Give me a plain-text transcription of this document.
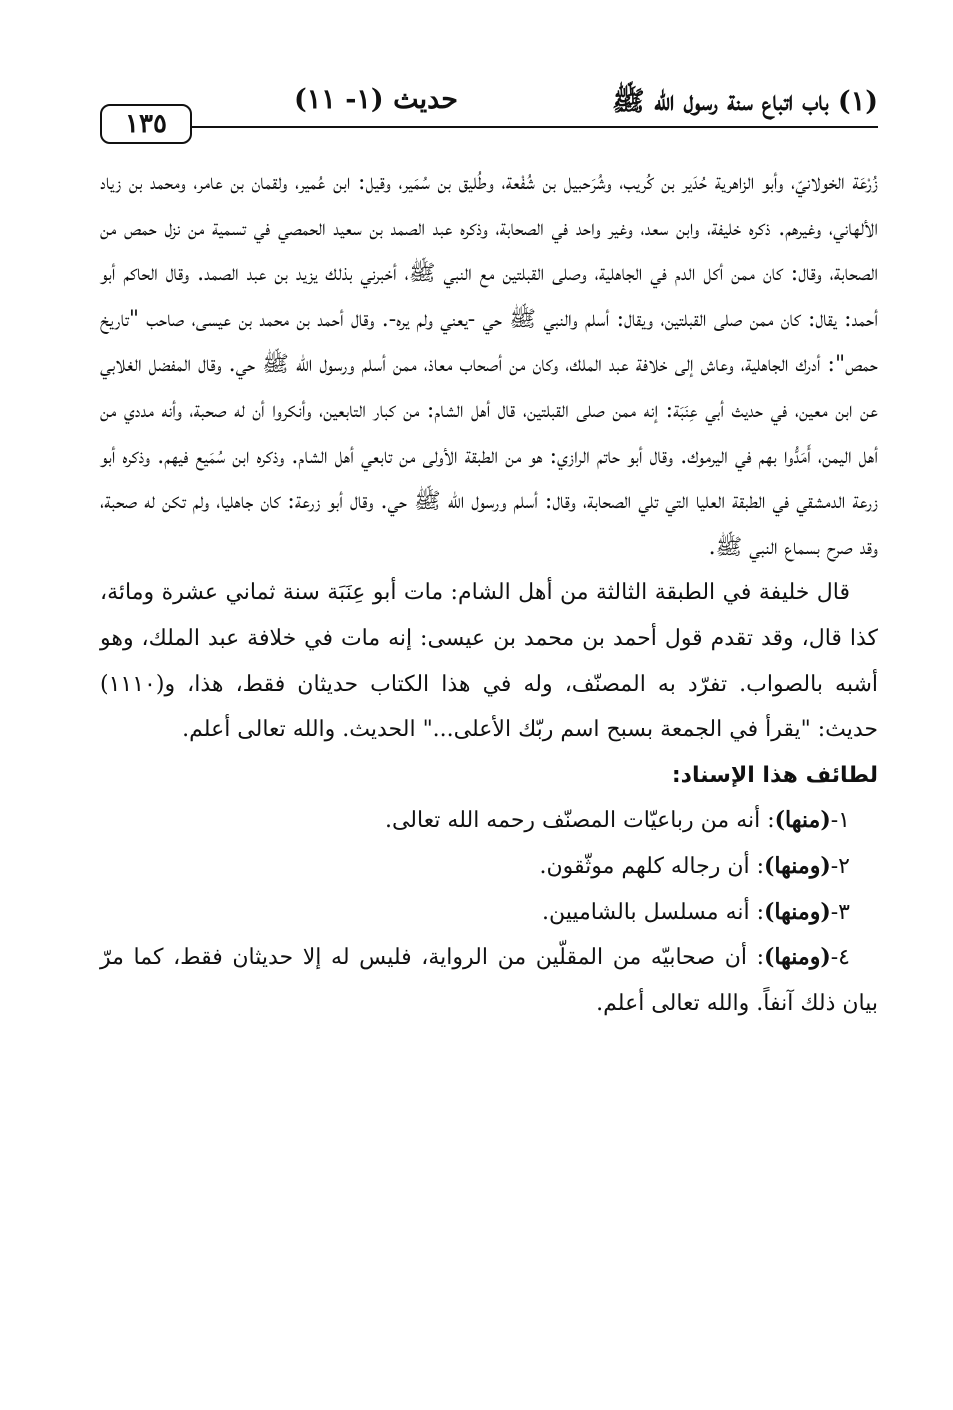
(١) باب اتباع سنة رسول الله ﷺ
حديث (١- ١١)
١٣٥

زُرْعَة الخولانيّ، وأبو الزاهرية حُدَير بن كُريب، وشُرَحبيل بن شُفْعة، وطُليق بن سُمَير، وقيل: ابن عُمير، ولقمان بن عامر، ومحمد بن زياد الألهاني، وغيرهم. ذكره خليفة، وابن سعد، وغير واحد في الصحابة، وذكره عبد الصمد بن سعيد الحمصي في تسمية من نزل حمص من الصحابة، وقال: كان ممن أكل الدم في الجاهلية، وصلى القبلتين مع النبي ﷺ، أخبرني بذلك يزيد بن عبد الصمد. وقال الحاكم أبو أحمد: يقال: كان ممن صلى القبلتين، ويقال: أسلم والنبي ﷺ حي -يعني ولم يره-. وقال أحمد بن محمد بن عيسى، صاحب "تاريخ حمص": أدرك الجاهلية، وعاش إلى خلافة عبد الملك، وكان من أصحاب معاذ، ممن أسلم ورسول الله ﷺ حي. وقال المفضل الغلابي عن ابن معين، في حديث أبي عِنَبَة: إنه ممن صلى القبلتين، قال أهل الشام: من كبار التابعين، وأنكروا أن له صحبة، وأنه مددي من أهل اليمن، أَمَدُّوا بهم في اليرموك. وقال أبو حاتم الرازي: هو من الطبقة الأولى من تابعي أهل الشام. وذكره ابن سُمَيع فيهم. وذكره أبو زرعة الدمشقي في الطبقة العليا التي تلي الصحابة، وقال: أسلم ورسول الله ﷺ حي. وقال أبو زرعة: كان جاهليا، ولم تكن له صحبة، وقد صرح بسماع النبي ﷺ.

قال خليفة في الطبقة الثالثة من أهل الشام: مات أبو عِنَبَة سنة ثماني عشرة ومائة، كذا قال، وقد تقدم قول أحمد بن محمد بن عيسى: إنه مات في خلافة عبد الملك، وهو أشبه بالصواب. تفرّد به المصنّف، وله في هذا الكتاب حديثان فقط، هذا، و(١١١٠) حديث: "يقرأ في الجمعة بسبح اسم ربّك الأعلى..." الحديث. والله تعالى أعلم.

لطائف هذا الإسناد:

١-(منها): أنه من رباعيّات المصنّف رحمه الله تعالى.

٢-(ومنها): أن رجاله كلهم موثّقون.

٣-(ومنها): أنه مسلسل بالشاميين.

٤-(ومنها): أن صحابيّه من المقلّين من الرواية، فليس له إلا حديثان فقط، كما مرّ بيان ذلك آنفاً. والله تعالى أعلم.
